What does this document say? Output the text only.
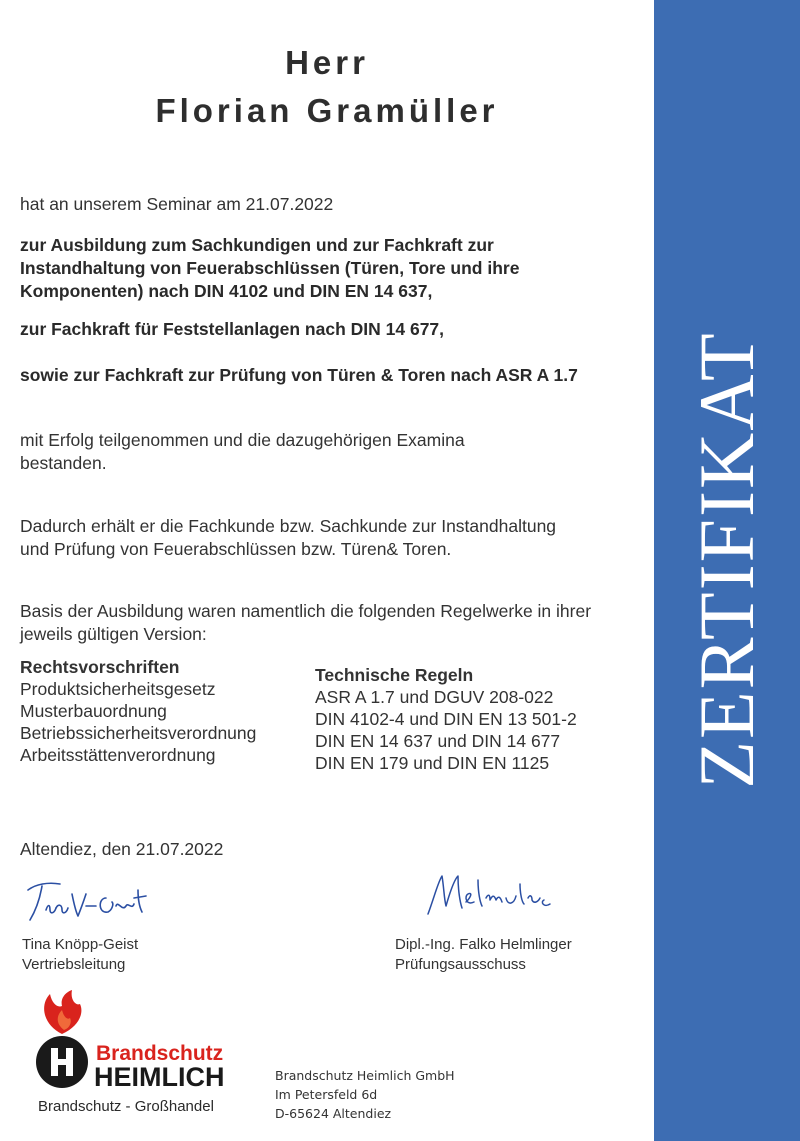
ZERTIFIKAT
Herr
Florian Gramüller
hat an unserem Seminar am 21.07.2022
zur Ausbildung zum Sachkundigen und zur Fachkraft zur Instandhaltung von Feuerabschlüssen (Türen, Tore und ihre Komponenten) nach DIN 4102 und DIN EN 14 637,
zur Fachkraft für Feststellanlagen nach DIN 14 677,
sowie zur Fachkraft zur Prüfung von Türen & Toren nach ASR A 1.7
mit Erfolg teilgenommen und die dazugehörigen Examina bestanden.
Dadurch erhält er die Fachkunde bzw. Sachkunde zur Instandhaltung und Prüfung von Feuerabschlüssen bzw. Türen& Toren.
Basis der Ausbildung waren namentlich die folgenden Regelwerke in ihrer jeweils gültigen Version:
Rechtsvorschriften
Produktsicherheitsgesetz
Musterbauordnung
Betriebssicherheitsverordnung
Arbeitsstättenverordnung
Technische Regeln
ASR A 1.7 und DGUV 208-022
DIN 4102-4 und DIN EN 13 501-2
DIN EN 14 637 und DIN 14 677
DIN EN 179 und DIN EN 1125
Altendiez, den 21.07.2022
Tina Knöpp-Geist
Vertriebsleitung
Dipl.-Ing. Falko Helmlinger
Prüfungsausschuss
Brandschutz
HEIMLICH
Brandschutz - Großhandel
Brandschutz Heimlich GmbH
Im Petersfeld 6d
D-65624 Altendiez
